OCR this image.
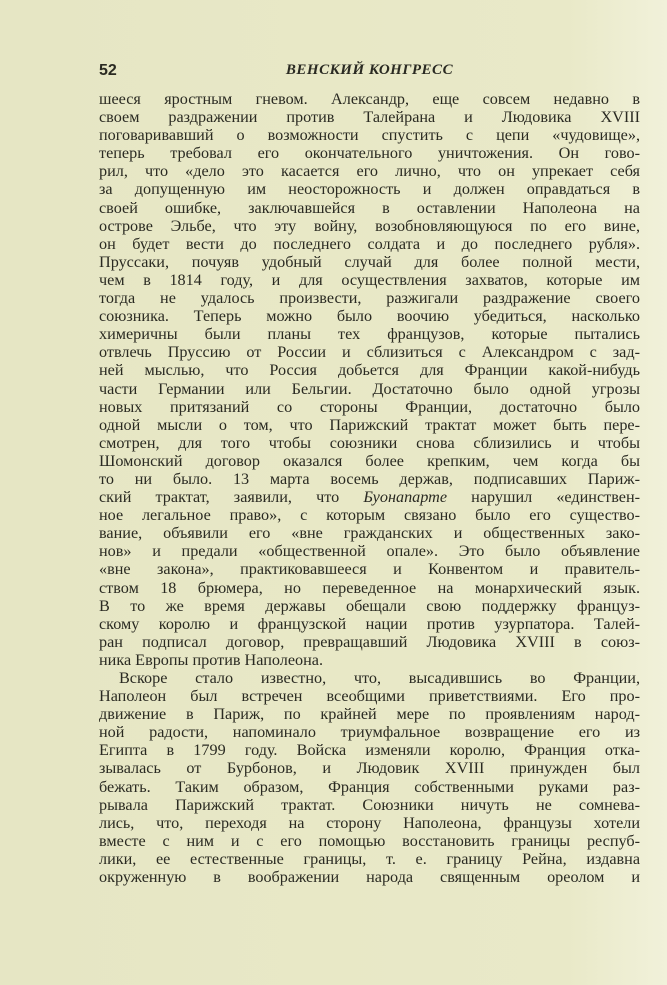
52	ВЕНСКИЙ КОНГРЕСС
шееся яростным гневом. Александр, еще совсем недавно в
своем раздражении против Талейрана и Людовика XVIII
поговаривавший о возможности спустить с цепи «чудовище»,
теперь требовал его окончательного уничтожения. Он гово-
рил, что «дело это касается его лично, что он упрекает себя
за допущенную им неосторожность и должен оправдаться в
своей ошибке, заключавшейся в оставлении Наполеона на
острове Эльбе, что эту войну, возобновляющуюся по его вине,
он будет вести до последнего солдата и до последнего рубля».
Пруссаки, почуяв удобный случай для более полной мести,
чем в 1814 году, и для осуществления захватов, которые им
тогда не удалось произвести, разжигали раздражение своего
союзника. Теперь можно было воочию убедиться, насколько
химеричны были планы тех французов, которые пытались
отвлечь Пруссию от России и сблизиться с Александром с зад-
ней мыслью, что Россия добьется для Франции какой-нибудь
части Германии или Бельгии. Достаточно было одной угрозы
новых притязаний со стороны Франции, достаточно было
одной мысли о том, что Парижский трактат может быть пере-
смотрен, для того чтобы союзники снова сблизились и чтобы
Шомонский договор оказался более крепким, чем когда бы
то ни было. 13 марта восемь держав, подписавших Париж-
ский трактат, заявили, что Буонапарте нарушил «единствен-
ное легальное право», с которым связано было его существо-
вание, объявили его «вне гражданских и общественных зако-
нов» и предали «общественной опале». Это было объявление
«вне закона», практиковавшееся и Конвентом и правитель-
ством 18 брюмера, но переведенное на монархический язык.
В то же время державы обещали свою поддержку француз-
скому королю и французской нации против узурпатора. Талей-
ран подписал договор, превращавший Людовика XVIII в союз-
ника Европы против Наполеона.
Вскоре стало известно, что, высадившись во Франции,
Наполеон был встречен всеобщими приветствиями. Его про-
движение в Париж, по крайней мере по проявлениям народ-
ной радости, напоминало триумфальное возвращение его из
Египта в 1799 году. Войска изменяли королю, Франция отка-
зывалась от Бурбонов, и Людовик XVIII принужден был
бежать. Таким образом, Франция собственными руками раз-
рывала Парижский трактат. Союзники ничуть не сомнева-
лись, что, переходя на сторону Наполеона, французы хотели
вместе с ним и с его помощью восстановить границы респуб-
лики, ее естественные границы, т. е. границу Рейна, издавна
окруженную в воображении народа священным ореолом и
